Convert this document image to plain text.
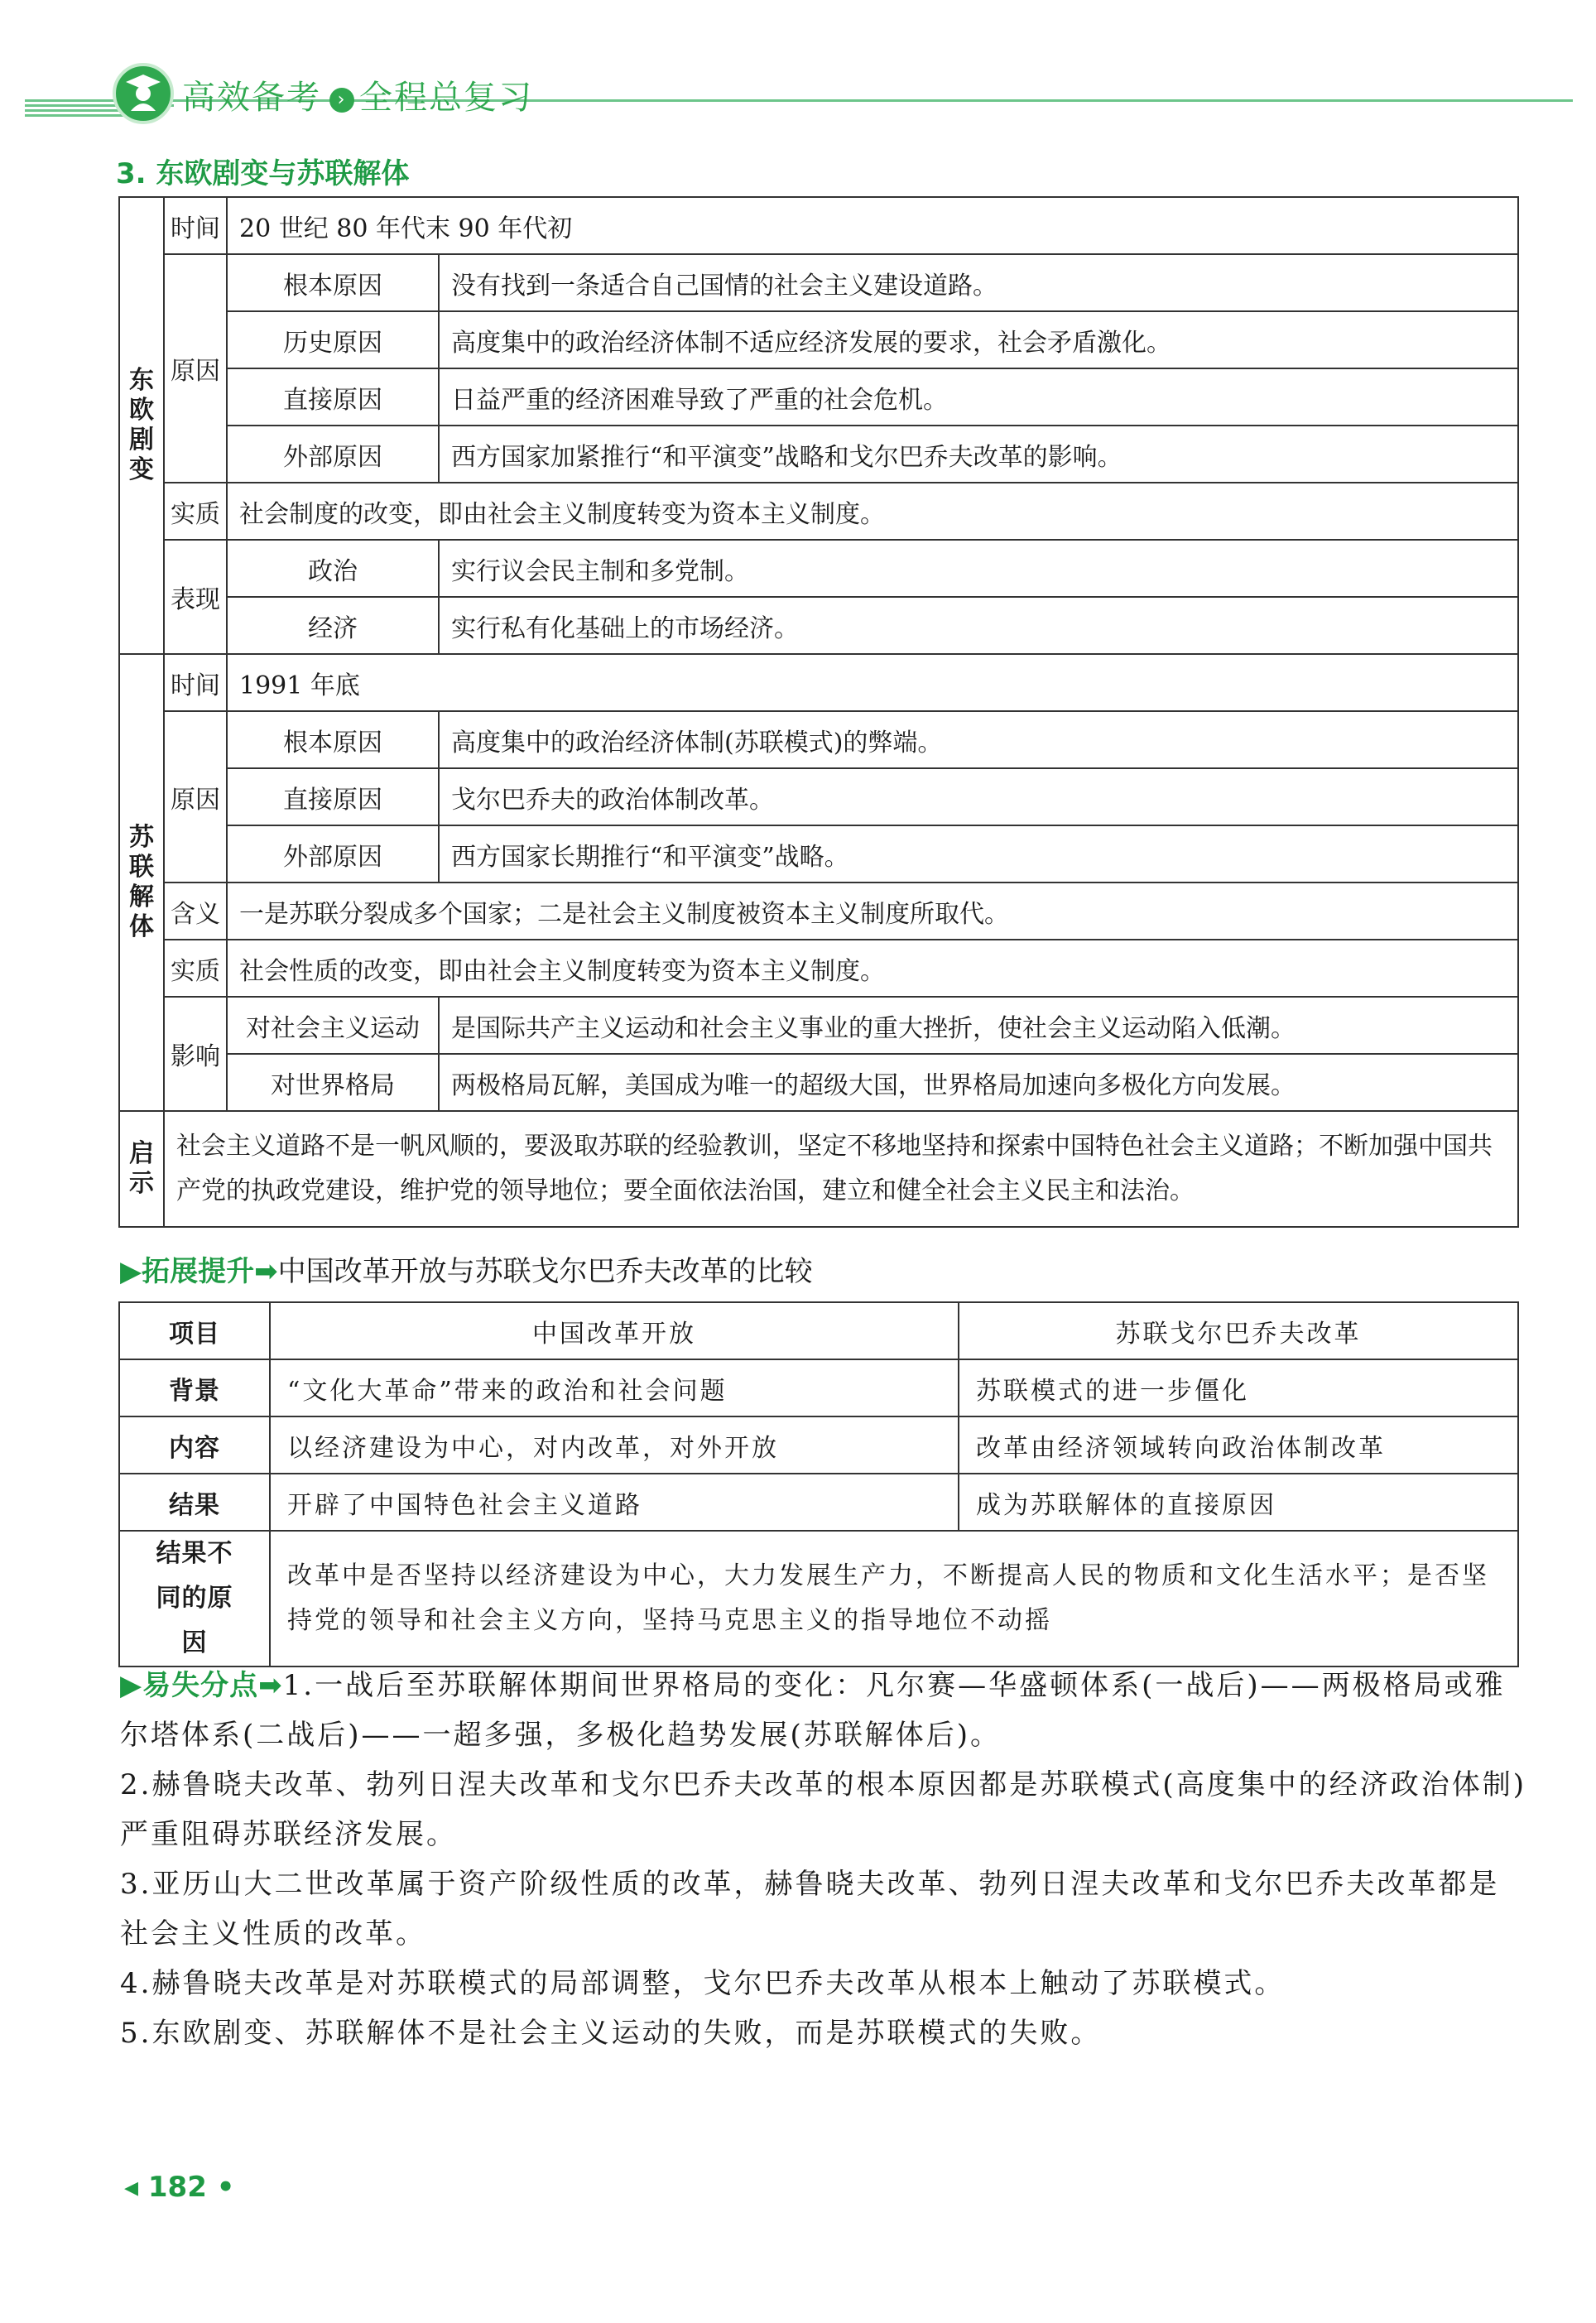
高效备考 › 全程总复习
3. 东欧剧变与苏联解体
东欧剧变	时间	20 世纪 80 年代末 90 年代初	
	原因	根本原因	没有找到一条适合自己国情的社会主义建设道路。
		历史原因	高度集中的政治经济体制不适应经济发展的要求，社会矛盾激化。
		直接原因	日益严重的经济困难导致了严重的社会危机。
		外部原因	西方国家加紧推行“和平演变”战略和戈尔巴乔夫改革的影响。
	实质	社会制度的改变，即由社会主义制度转变为资本主义制度。	
	表现	政治	实行议会民主制和多党制。
		经济	实行私有化基础上的市场经济。
苏联解体	时间	1991 年底	
	原因	根本原因	高度集中的政治经济体制(苏联模式)的弊端。
		直接原因	戈尔巴乔夫的政治体制改革。
		外部原因	西方国家长期推行“和平演变”战略。
	含义	一是苏联分裂成多个国家；二是社会主义制度被资本主义制度所取代。	
	实质	社会性质的改变，即由社会主义制度转变为资本主义制度。	
	影响	对社会主义运动	是国际共产主义运动和社会主义事业的重大挫折，使社会主义运动陷入低潮。
		对世界格局	两极格局瓦解，美国成为唯一的超级大国，世界格局加速向多极化方向发展。
启示	社会主义道路不是一帆风顺的，要汲取苏联的经验教训，坚定不移地坚持和探索中国特色社会主义道路；不断加强中国共产党的执政党建设，维护党的领导地位；要全面依法治国，建立和健全社会主义民主和法治。		
▶拓展提升➡中国改革开放与苏联戈尔巴乔夫改革的比较
项目	中国改革开放	苏联戈尔巴乔夫改革
背景	“文化大革命”带来的政治和社会问题	苏联模式的进一步僵化
内容	以经济建设为中心，对内改革，对外开放	改革由经济领域转向政治体制改革
结果	开辟了中国特色社会主义道路	成为苏联解体的直接原因
结果不同的原因	改革中是否坚持以经济建设为中心，大力发展生产力，不断提高人民的物质和文化生活水平；是否坚持党的领导和社会主义方向，坚持马克思主义的指导地位不动摇	

▶易失分点➡1.一战后至苏联解体期间世界格局的变化：凡尔赛—华盛顿体系(一战后)——两极格局或雅尔塔体系(二战后)——一超多强，多极化趋势发展(苏联解体后)。

2.赫鲁晓夫改革、勃列日涅夫改革和戈尔巴乔夫改革的根本原因都是苏联模式(高度集中的经济政治体制)严重阻碍苏联经济发展。

3.亚历山大二世改革属于资产阶级性质的改革，赫鲁晓夫改革、勃列日涅夫改革和戈尔巴乔夫改革都是社会主义性质的改革。

4.赫鲁晓夫改革是对苏联模式的局部调整，戈尔巴乔夫改革从根本上触动了苏联模式。

5.东欧剧变、苏联解体不是社会主义运动的失败，而是苏联模式的失败。

◂ 182 •
